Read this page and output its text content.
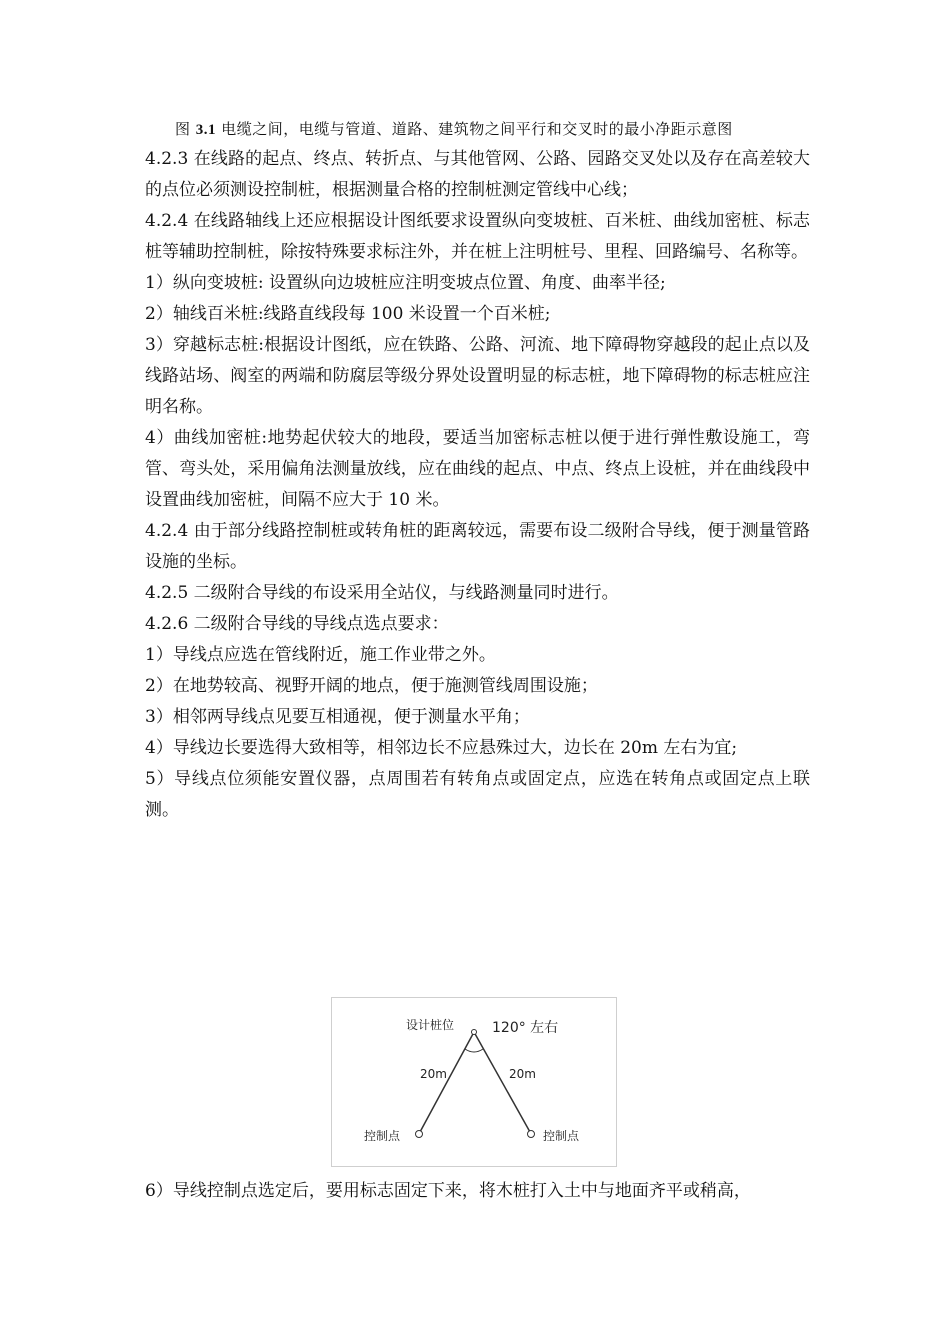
图 3.1 电缆之间，电缆与管道、道路、建筑物之间平行和交叉时的最小净距示意图

4.2.3 在线路的起点、终点、转折点、与其他管网、公路、园路交叉处以及存在高差较大的点位必须测设控制桩，根据测量合格的控制桩测定管线中心线；

4.2.4 在线路轴线上还应根据设计图纸要求设置纵向变坡桩、百米桩、曲线加密桩、标志桩等辅助控制桩，除按特殊要求标注外，并在桩上注明桩号、里程、回路编号、名称等。

1）纵向变坡桩: 设置纵向边坡桩应注明变坡点位置、角度、曲率半径;

2）轴线百米桩:线路直线段每 100 米设置一个百米桩;

3）穿越标志桩:根据设计图纸，应在铁路、公路、河流、地下障碍物穿越段的起止点以及线路站场、阀室的两端和防腐层等级分界处设置明显的标志桩，地下障碍物的标志桩应注明名称。

4）曲线加密桩:地势起伏较大的地段，要适当加密标志桩以便于进行弹性敷设施工，弯管、弯头处，采用偏角法测量放线，应在曲线的起点、中点、终点上设桩，并在曲线段中设置曲线加密桩，间隔不应大于 10 米。

4.2.4 由于部分线路控制桩或转角桩的距离较远，需要布设二级附合导线，便于测量管路设施的坐标。

4.2.5 二级附合导线的布设采用全站仪，与线路测量同时进行。

4.2.6 二级附合导线的导线点选点要求：

1）导线点应选在管线附近，施工作业带之外。

2）在地势较高、视野开阔的地点，便于施测管线周围设施；

3）相邻两导线点见要互相通视，便于测量水平角；

4）导线边长要选得大致相等，相邻边长不应悬殊过大，边长在 20m 左右为宜;

5）导线点位须能安置仪器，点周围若有转角点或固定点，应选在转角点或固定点上联测。

设计桩位	120° 左右
20m	20m
控制点	控制点

6）导线控制点选定后，要用标志固定下来，将木桩打入土中与地面齐平或稍高，
